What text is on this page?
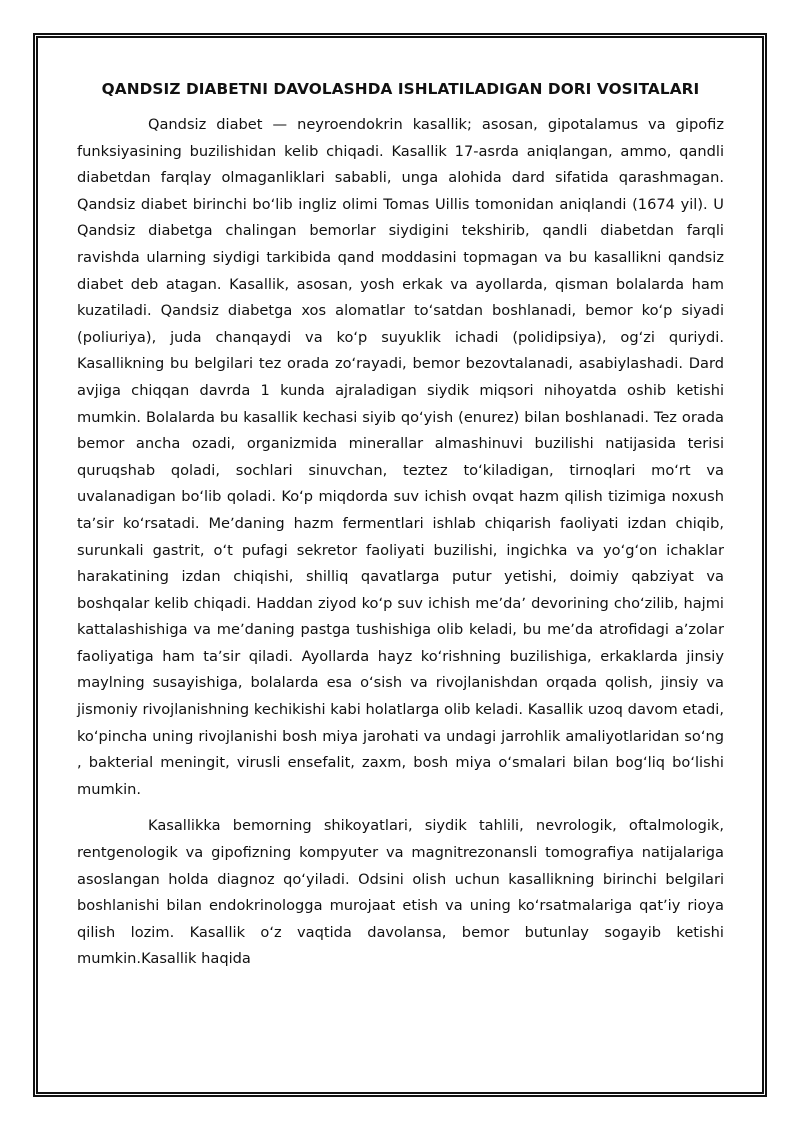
QANDSIZ DIABETNI DAVOLASHDA ISHLATILADIGAN DORI VOSITALARI

Qandsiz diabet — neyroendokrin kasallik; asosan, gipotalamus va gipofiz funksiyasining buzilishidan kelib chiqadi. Kasallik 17-asrda aniqlangan, ammo, qandli diabetdan farqlay olmaganliklari sababli, unga alohida dard sifatida qarashmagan. Qandsiz diabet birinchi boʻlib ingliz olimi Tomas Uillis tomonidan aniqlandi (1674 yil). U Qandsiz diabetga chalingan bemorlar siydigini tekshirib, qandli diabetdan farqli ravishda ularning siydigi tarkibida qand moddasini topmagan va bu kasallikni qandsiz diabet deb atagan. Kasallik, asosan, yosh erkak va ayollarda, qisman bolalarda ham kuzatiladi. Qandsiz diabetga xos alomatlar toʻsatdan boshlanadi, bemor koʻp siyadi (poliuriya), juda chanqaydi va koʻp suyuklik ichadi (polidipsiya), ogʻzi quriydi. Kasallikning bu belgilari tez orada zoʻrayadi, bemor bezovtalanadi, asabiylashadi. Dard avjiga chiqqan davrda 1 kunda ajraladigan siydik miqsori nihoyatda oshib ketishi mumkin. Bolalarda bu kasallik kechasi siyib qoʻyish (enurez) bilan boshlanadi. Tez orada bemor ancha ozadi, organizmida minerallar almashinuvi buzilishi natijasida terisi quruqshab qoladi, sochlari sinuvchan, teztez toʻkiladigan, tirnoqlari moʻrt va uvalanadigan boʻlib qoladi. Koʻp miqdorda suv ichish ovqat hazm qilish tizimiga noxush taʼsir koʻrsatadi. Meʼdaning hazm fermentlari ishlab chiqarish faoliyati izdan chiqib, surunkali gastrit, oʻt pufagi sekretor faoliyati buzilishi, ingichka va yoʻgʻon ichaklar harakatining izdan chiqishi, shilliq qavatlarga putur yetishi, doimiy qabziyat va boshqalar kelib chiqadi. Haddan ziyod koʻp suv ichish meʼdaʼ devorining choʻzilib, hajmi kattalashishiga va meʼdaning pastga tushishiga olib keladi, bu meʼda atrofidagi aʼzolar faoliyatiga ham taʼsir qiladi. Ayollarda hayz koʻrishning buzilishiga, erkaklarda jinsiy maylning susayishiga, bolalarda esa oʻsish va rivojlanishdan orqada qolish, jinsiy va jismoniy rivojlanishning kechikishi kabi holatlarga olib keladi. Kasallik uzoq davom etadi, koʻpincha uning rivojlanishi bosh miya jarohati va undagi jarrohlik amaliyotlaridan soʻng , bakterial meningit, virusli ensefalit, zaxm, bosh miya oʻsmalari bilan bogʻliq boʻlishi mumkin.

Kasallikka bemorning shikoyatlari, siydik tahlili, nevrologik, oftalmologik, rentgenologik va gipofizning kompyuter va magnitrezonansli tomografiya natijalariga asoslangan holda diagnoz qoʻyiladi. Odsini olish uchun kasallikning birinchi belgilari boshlanishi bilan endokrinologga murojaat etish va uning koʻrsatmalariga qatʼiy rioya qilish lozim. Kasallik oʻz vaqtida davolansa, bemor butunlay sogayib ketishi mumkin.Kasallik haqida
